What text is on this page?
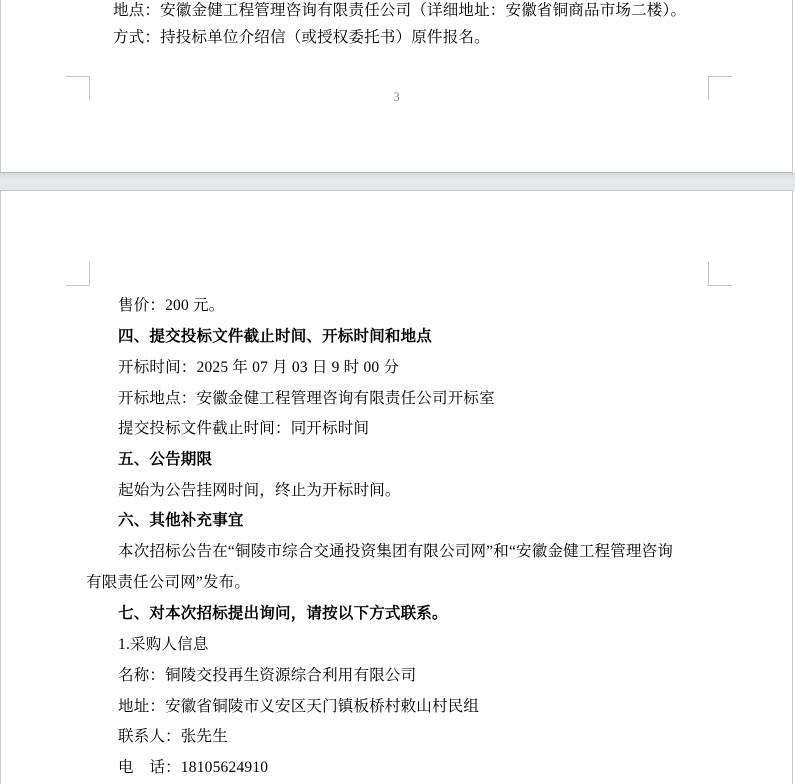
地点：安徽金健工程管理咨询有限责任公司（详细地址：安徽省铜商品市场二楼）。
方式：持投标单位介绍信（或授权委托书）原件报名。
3
售价：200 元。
四、提交投标文件截止时间、开标时间和地点
开标时间：2025 年 07 月 03 日 9 时 00 分
开标地点：安徽金健工程管理咨询有限责任公司开标室
提交投标文件截止时间：同开标时间
五、公告期限
起始为公告挂网时间，终止为开标时间。
六、其他补充事宜
本次招标公告在“铜陵市综合交通投资集团有限公司网”和“安徽金健工程管理咨询
有限责任公司网”发布。
七、对本次招标提出询问，请按以下方式联系。
1.采购人信息
名称：铜陵交投再生资源综合利用有限公司
地址：安徽省铜陵市义安区天门镇板桥村敕山村民组
联系人：张先生
电　话：18105624910
